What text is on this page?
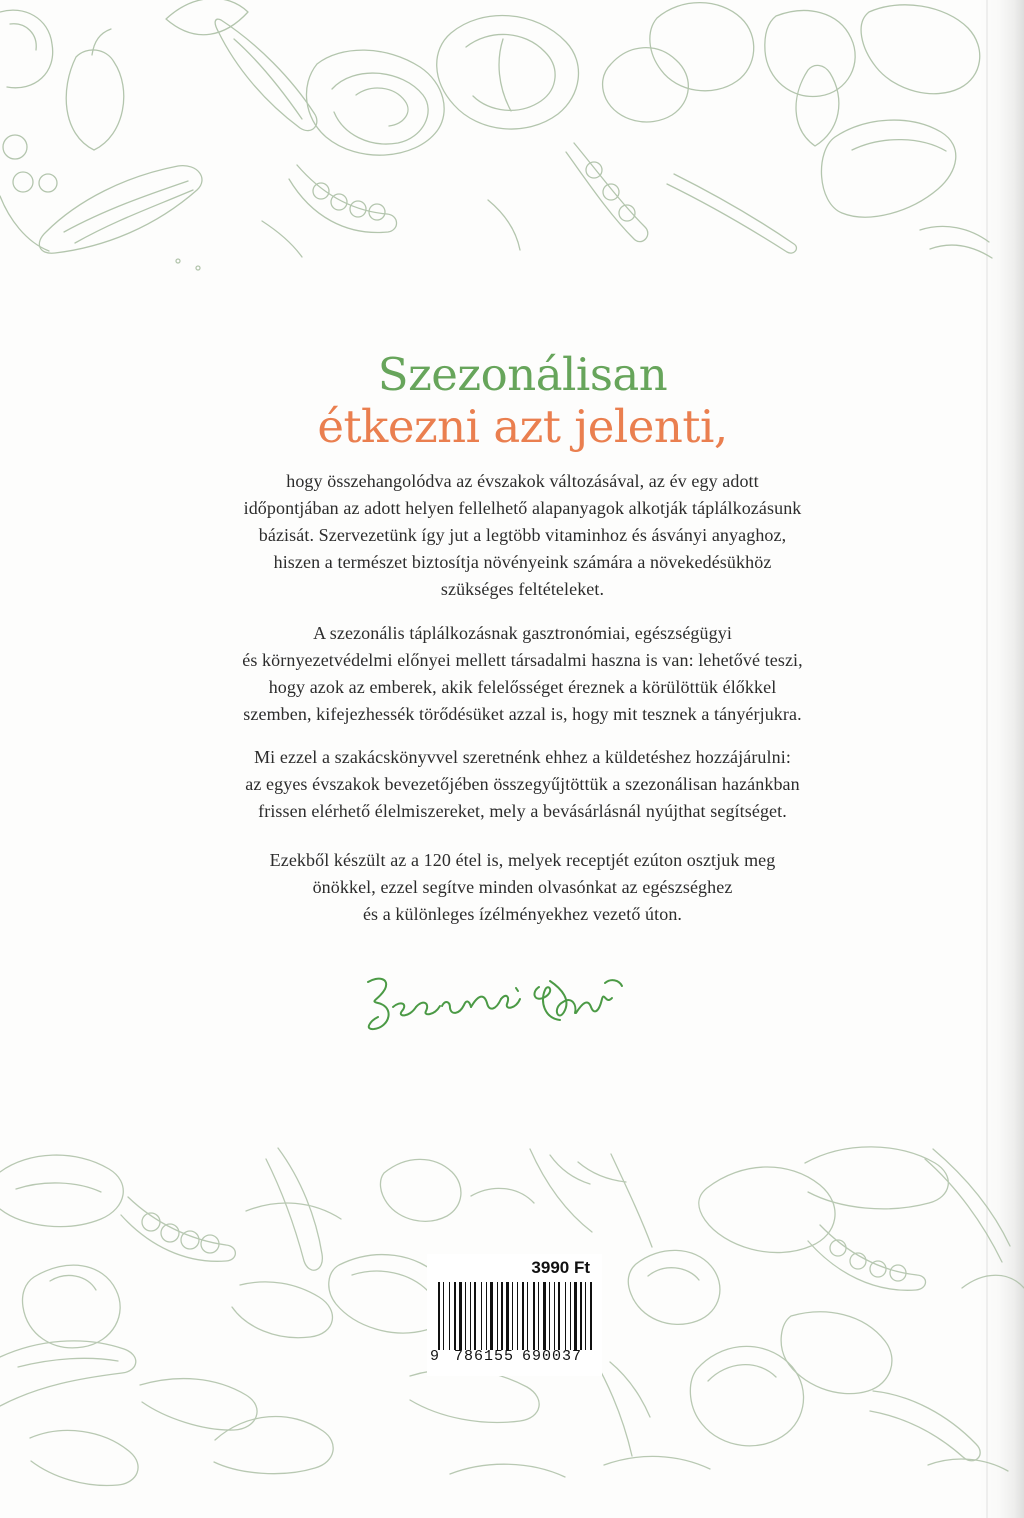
Szezonálisan
étkezni azt jelenti,
hogy összehangolódva az évszakok változásával, az év egy adott
időpontjában az adott helyen fellelhető alapanyagok alkotják táplálkozásunk
bázisát. Szervezetünk így jut a legtöbb vitaminhoz és ásványi anyaghoz,
hiszen a természet biztosítja növényeink számára a növekedésükhöz
szükséges feltételeket.
A szezonális táplálkozásnak gasztronómiai, egészségügyi
és környezetvédelmi előnyei mellett társadalmi haszna is van: lehetővé teszi,
hogy azok az emberek, akik felelősséget éreznek a körülöttük élőkkel
szemben, kifejezhessék törődésüket azzal is, hogy mit tesznek a tányérjukra.
Mi ezzel a szakácskönyvvel szeretnénk ehhez a küldetéshez hozzájárulni:
az egyes évszakok bevezetőjében összegyűjtöttük a szezonálisan hazánkban
frissen elérhető élelmiszereket, mely a bevásárlásnál nyújthat segítséget.
Ezekből készült az a 120 étel is, melyek receptjét ezúton osztjuk meg
önökkel, ezzel segítve minden olvasónkat az egészséghez
és a különleges ízélményekhez vezető úton.
3990 Ft
9 786155 690037
